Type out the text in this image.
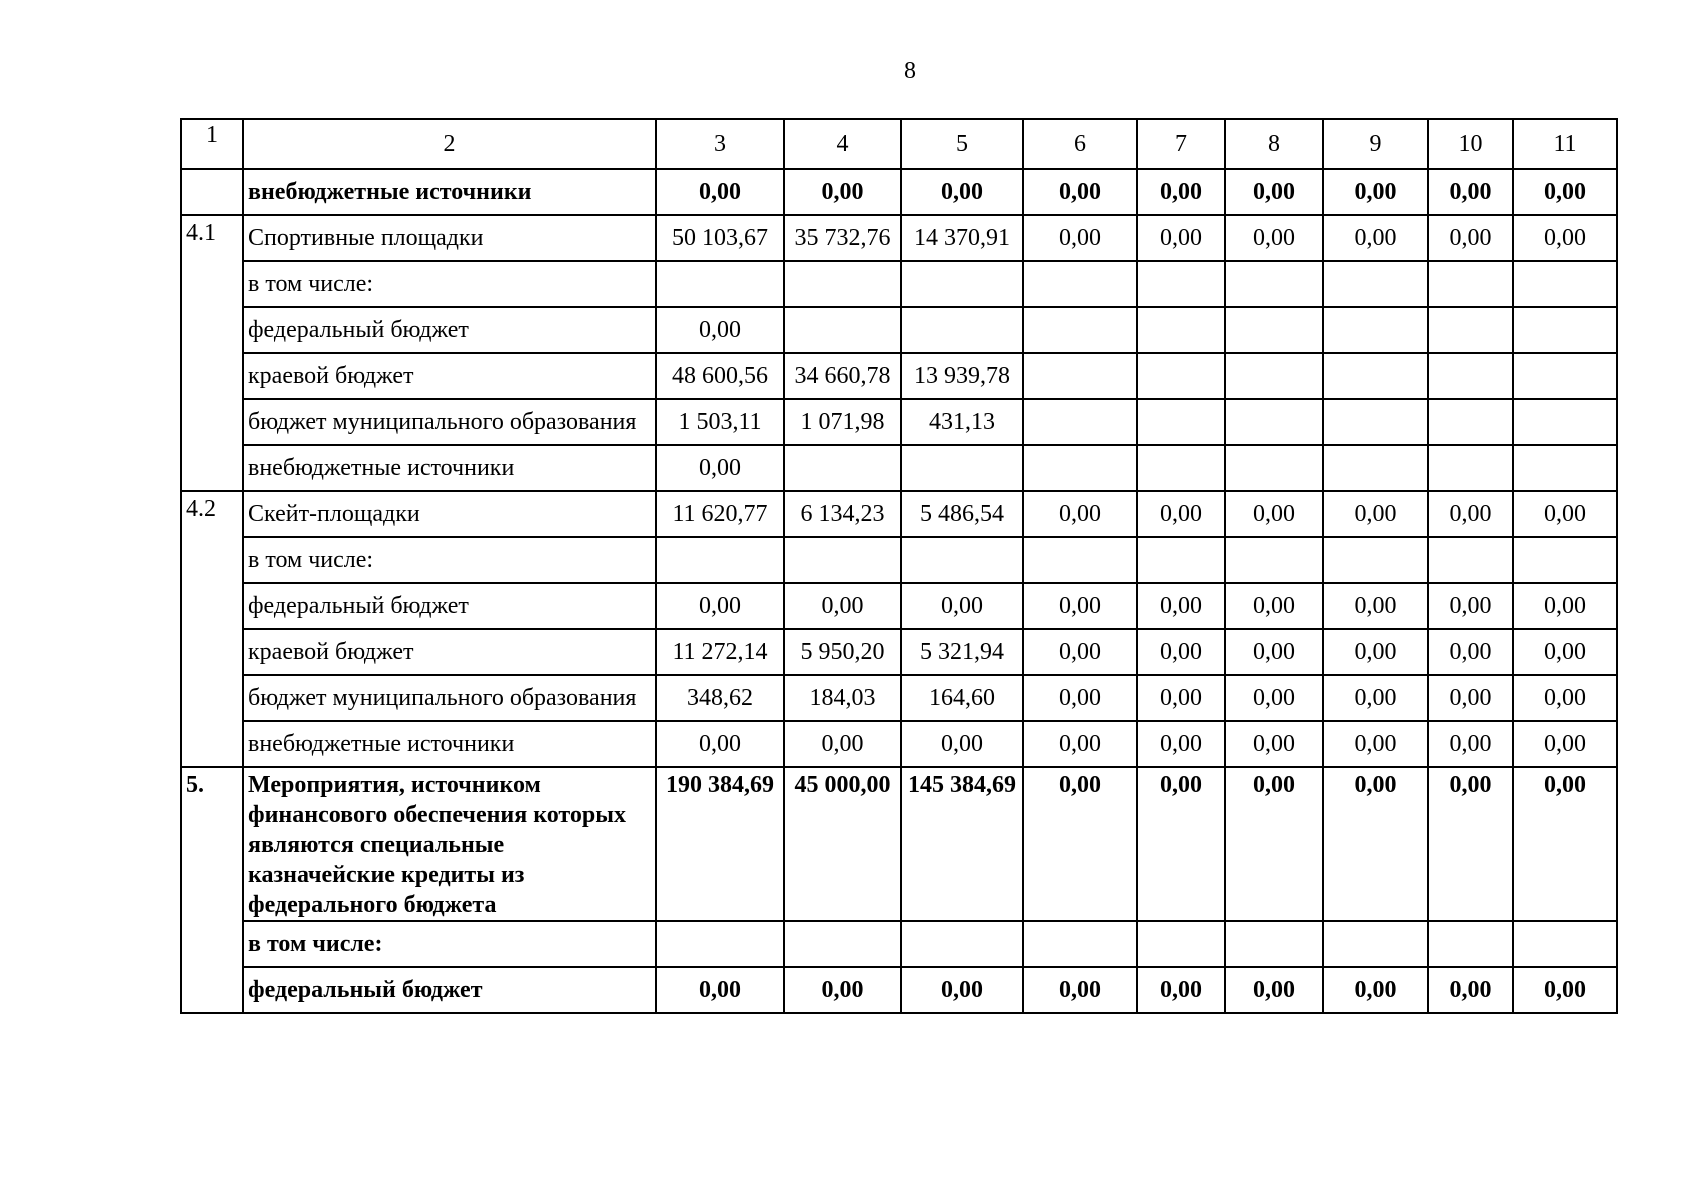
8
1	2	3	4	5	6	7	8	9	10	11
	внебюджетные источники	0,00	0,00	0,00	0,00	0,00	0,00	0,00	0,00	0,00
4.1	Спортивные площадки	50 103,67	35 732,76	14 370,91	0,00	0,00	0,00	0,00	0,00	0,00
	в том числе:									
	федеральный бюджет	0,00								
	краевой бюджет	48 600,56	34 660,78	13 939,78						
	бюджет муниципального образования	1 503,11	1 071,98	431,13						
	внебюджетные источники	0,00								
4.2	Скейт-площадки	11 620,77	6 134,23	5 486,54	0,00	0,00	0,00	0,00	0,00	0,00
	в том числе:									
	федеральный бюджет	0,00	0,00	0,00	0,00	0,00	0,00	0,00	0,00	0,00
	краевой бюджет	11 272,14	5 950,20	5 321,94	0,00	0,00	0,00	0,00	0,00	0,00
	бюджет муниципального образования	348,62	184,03	164,60	0,00	0,00	0,00	0,00	0,00	0,00
	внебюджетные источники	0,00	0,00	0,00	0,00	0,00	0,00	0,00	0,00	0,00
5.	Мероприятия, источником финансового обеспечения которых являются специальные казначейские кредиты из федерального бюджета	190 384,69	45 000,00	145 384,69	0,00	0,00	0,00	0,00	0,00	0,00
	в том числе:									
	федеральный бюджет	0,00	0,00	0,00	0,00	0,00	0,00	0,00	0,00	0,00
